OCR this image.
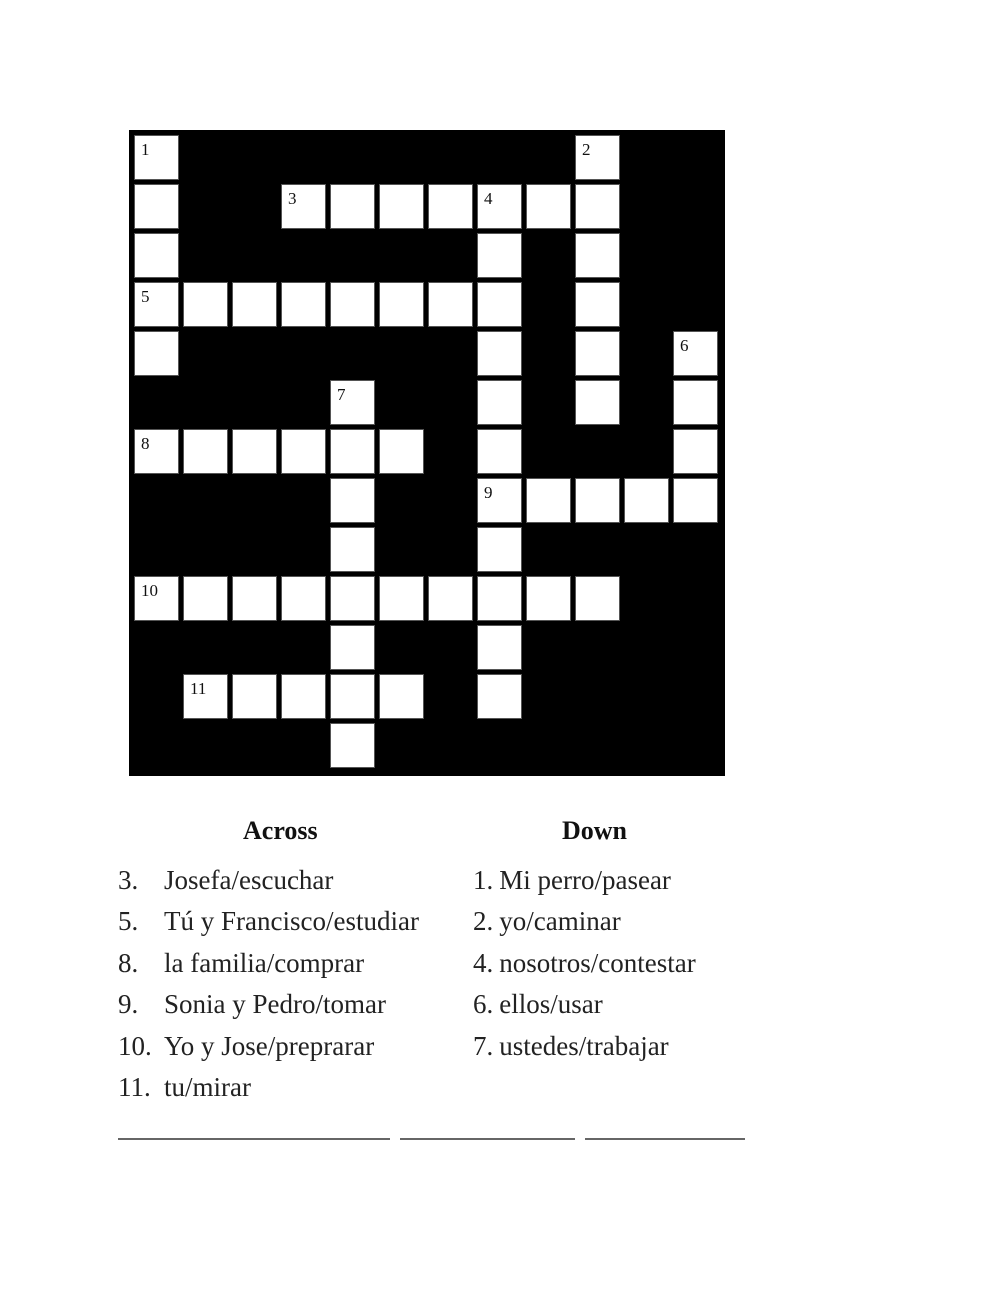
1	2
3	4
5
6
7
8
9
10
11
Across
3. Josefa/escuchar
5. Tú y Francisco/estudiar
8. la familia/comprar
9. Sonia y Pedro/tomar
10. Yo y Jose/preprarar
11. tu/mirar
Down
1. Mi perro/pasear
2. yo/caminar
4. nosotros/contestar
6. ellos/usar
7. ustedes/trabajar
